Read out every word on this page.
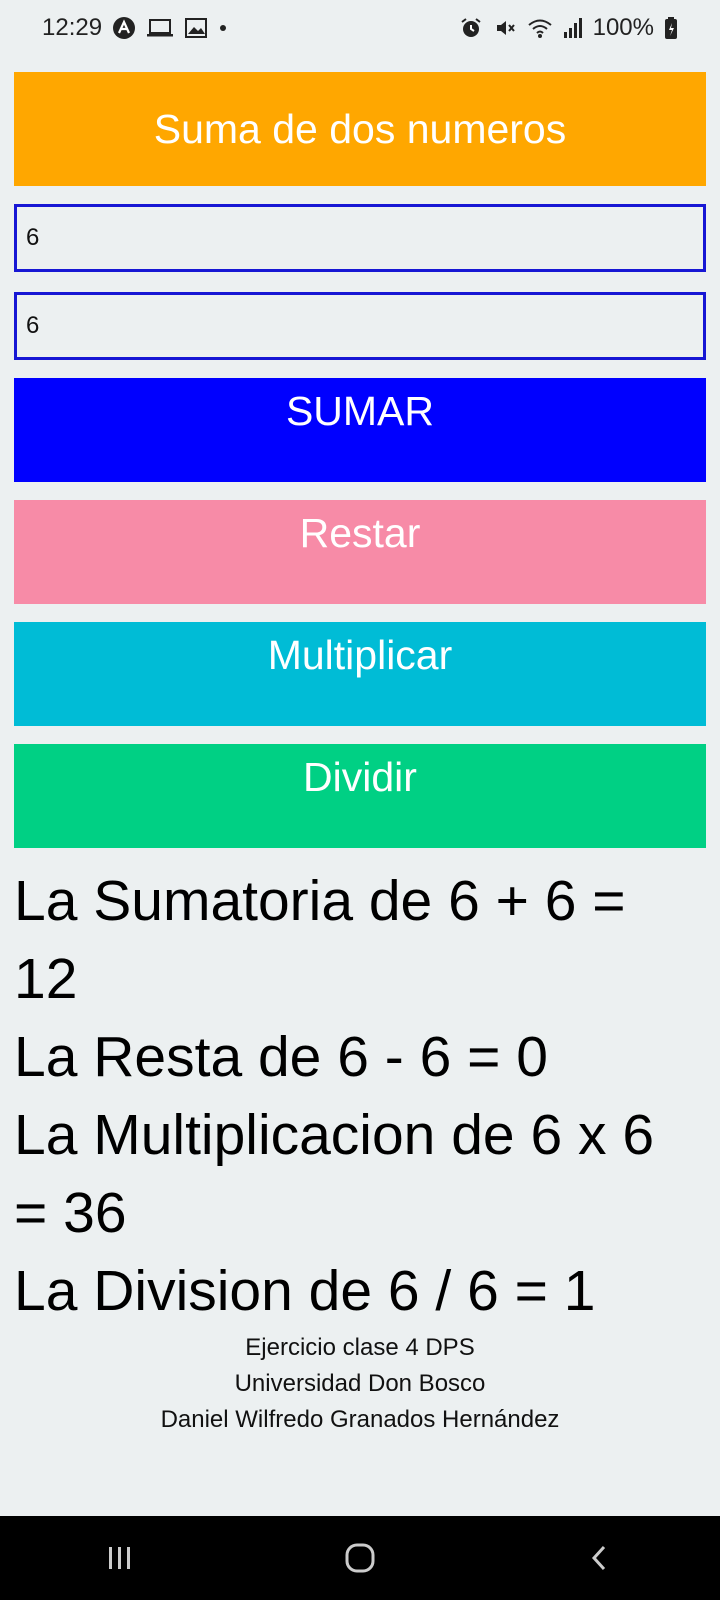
12:29	100%
Suma de dos numeros
6
6
SUMAR
Restar
Multiplicar
Dividir
La Sumatoria de 6 + 6 = 12
La Resta de 6 - 6 = 0
La Multiplicacion de 6 x 6 = 36
La Division de 6 / 6 = 1
Ejercicio clase 4 DPS
Universidad Don Bosco
Daniel Wilfredo Granados Hernández
